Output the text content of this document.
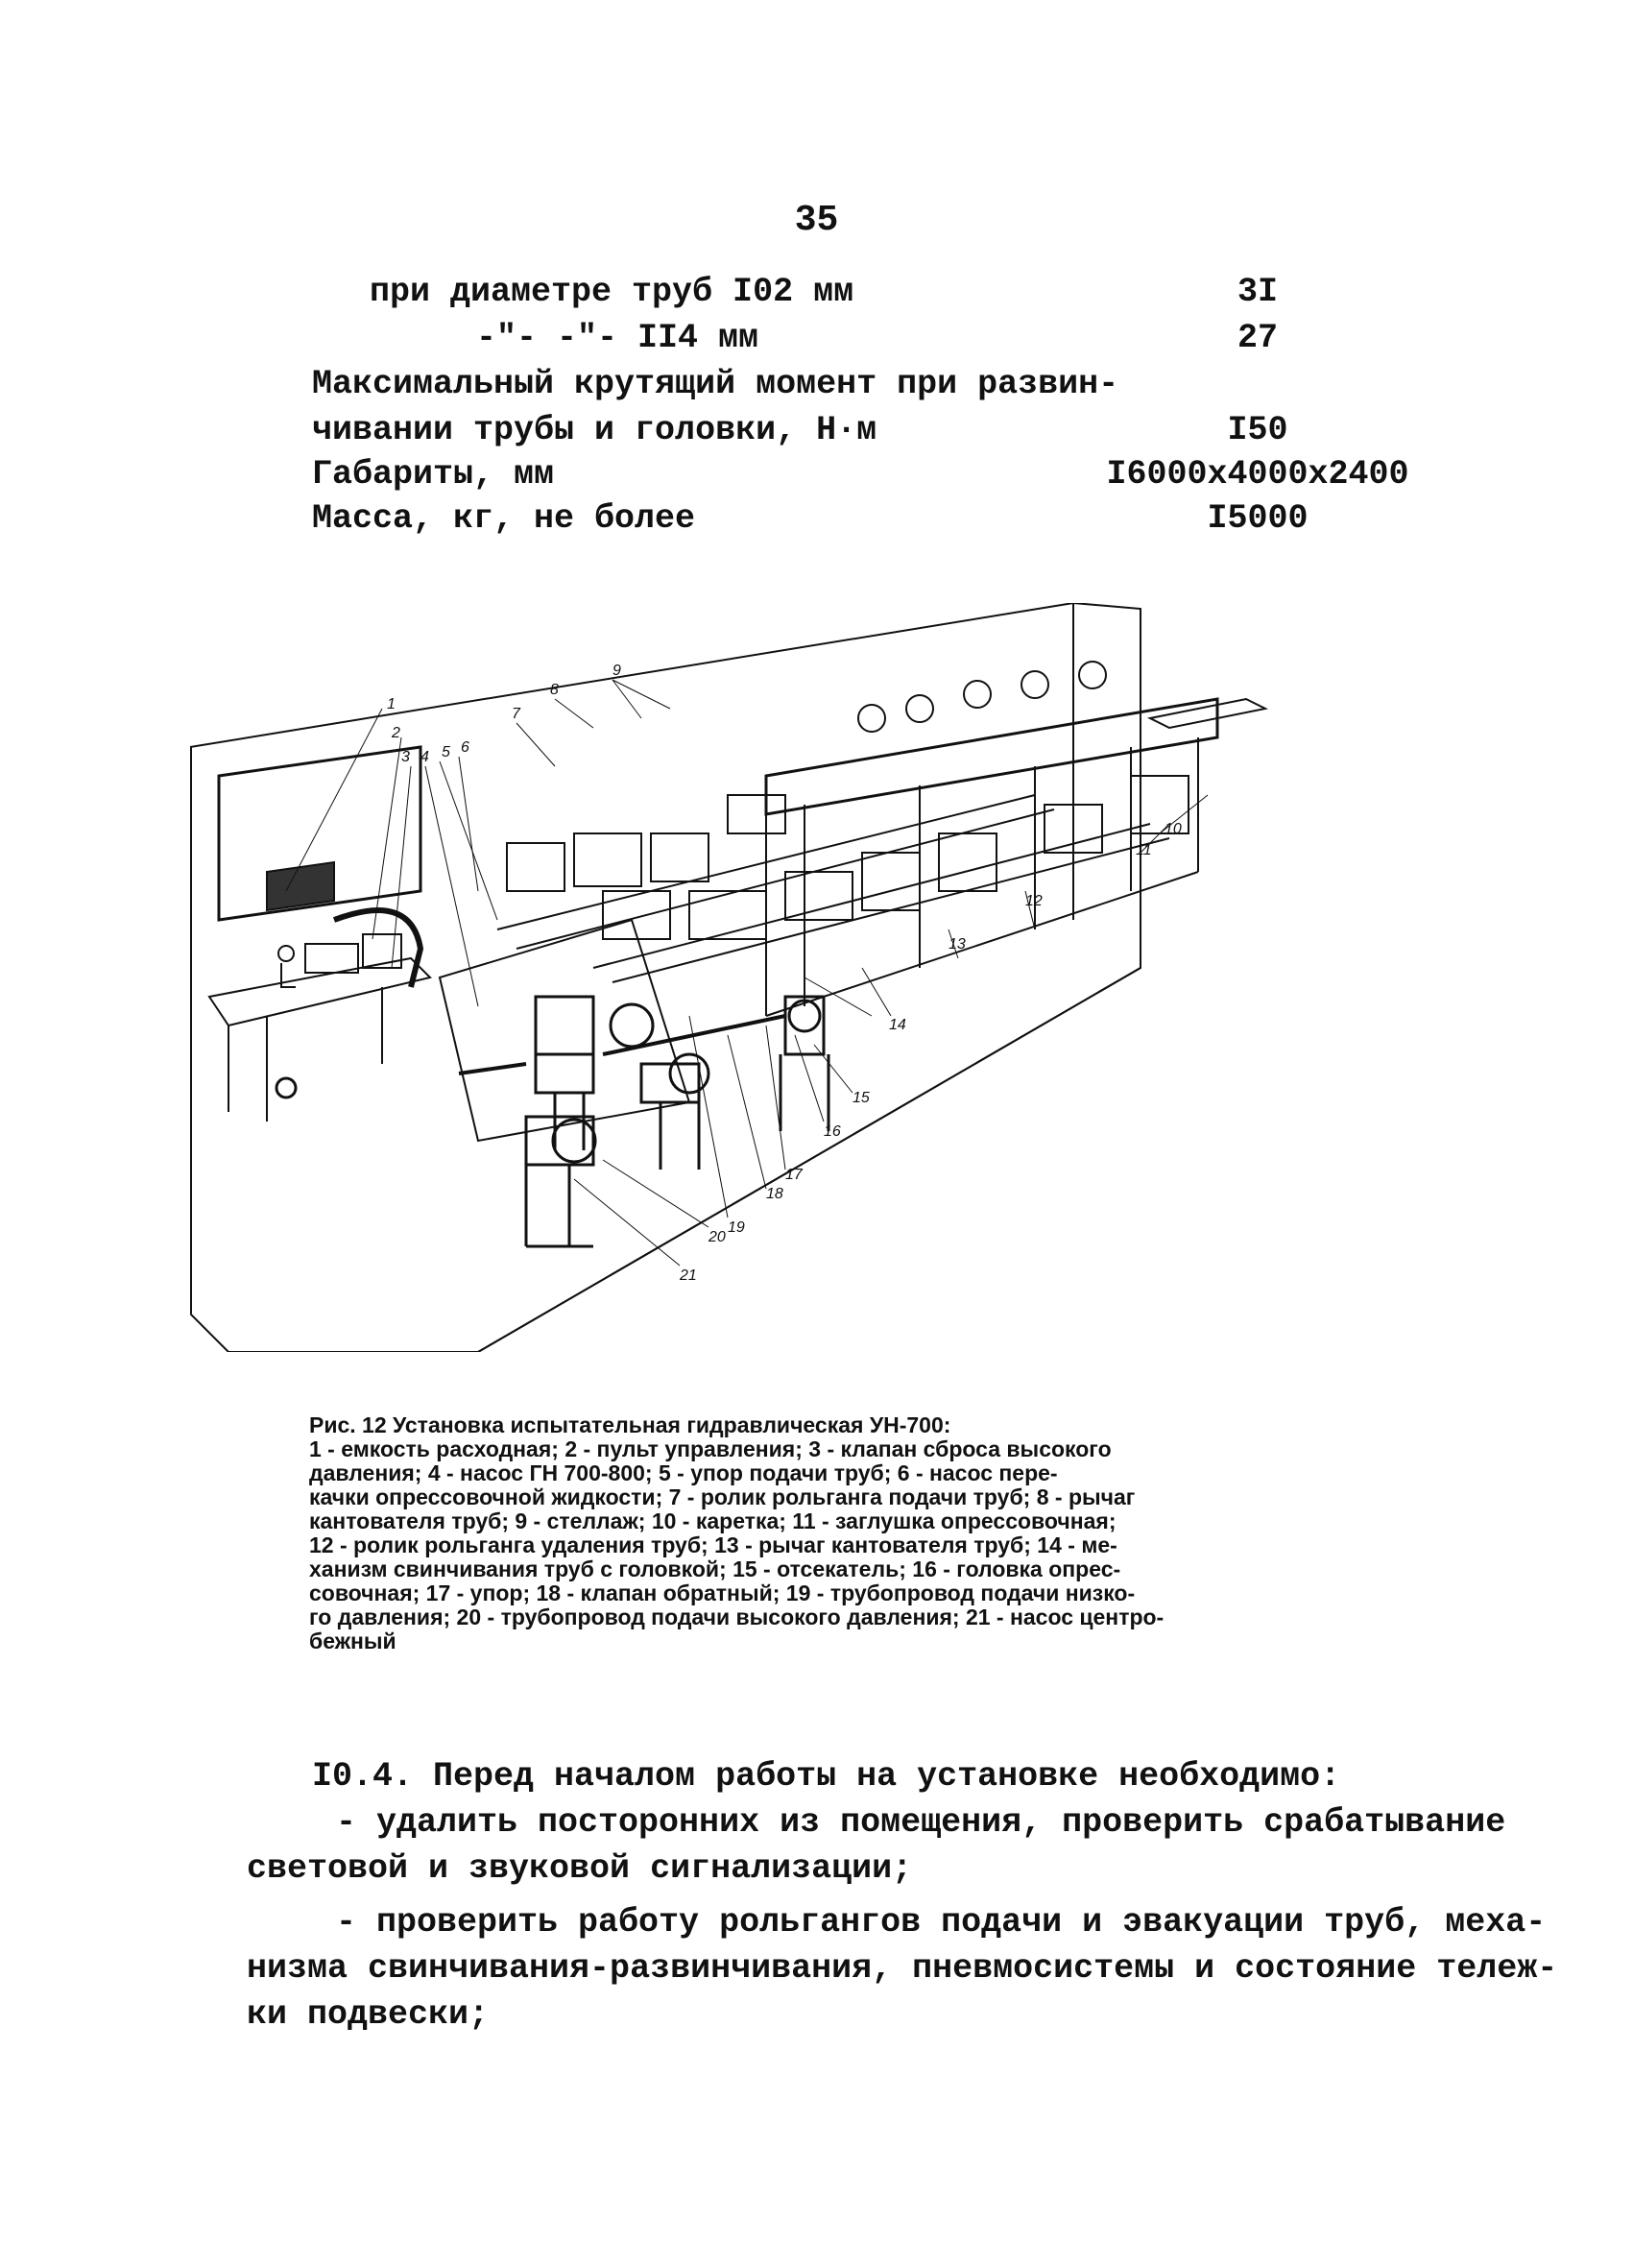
35
при диаметре труб I02 мм	3I
-"- -"- II4 мм	27
Максимальный крутящий момент при развин-
чивании трубы и головки, Н·м	I50
Габариты, мм	I6000x4000x2400
Масса, кг, не более	I5000
1
2
3 4 5 6
7
8
9
10
11
12
13
14
15
16
17
18
19
20
21
Рис. 12 Установка испытательная гидравлическая УН-700:
1 - емкость расходная; 2 - пульт управления; 3 - клапан сброса высокого
давления; 4 - насос ГН 700-800; 5 - упор подачи труб; 6 - насос пере-
качки опрессовочной жидкости; 7 - ролик рольганга подачи труб; 8 - рычаг
кантователя труб; 9 - стеллаж; 10 - каретка; 11 - заглушка опрессовочная;
12 - ролик рольганга удаления труб; 13 - рычаг кантователя труб; 14 - ме-
ханизм свинчивания труб с головкой; 15 - отсекатель; 16 - головка опрес-
совочная; 17 - упор; 18 - клапан обратный; 19 - трубопровод подачи низко-
го давления; 20 - трубопровод подачи высокого давления; 21 - насос центро-
бежный
I0.4. Перед началом работы на установке необходимо:
- удалить посторонних из помещения, проверить срабатывание
световой и звуковой сигнализации;
- проверить работу рольгангов подачи и эвакуации труб, меха-
низма свинчивания-развинчивания, пневмосистемы и состояние тележ-
ки подвески;
